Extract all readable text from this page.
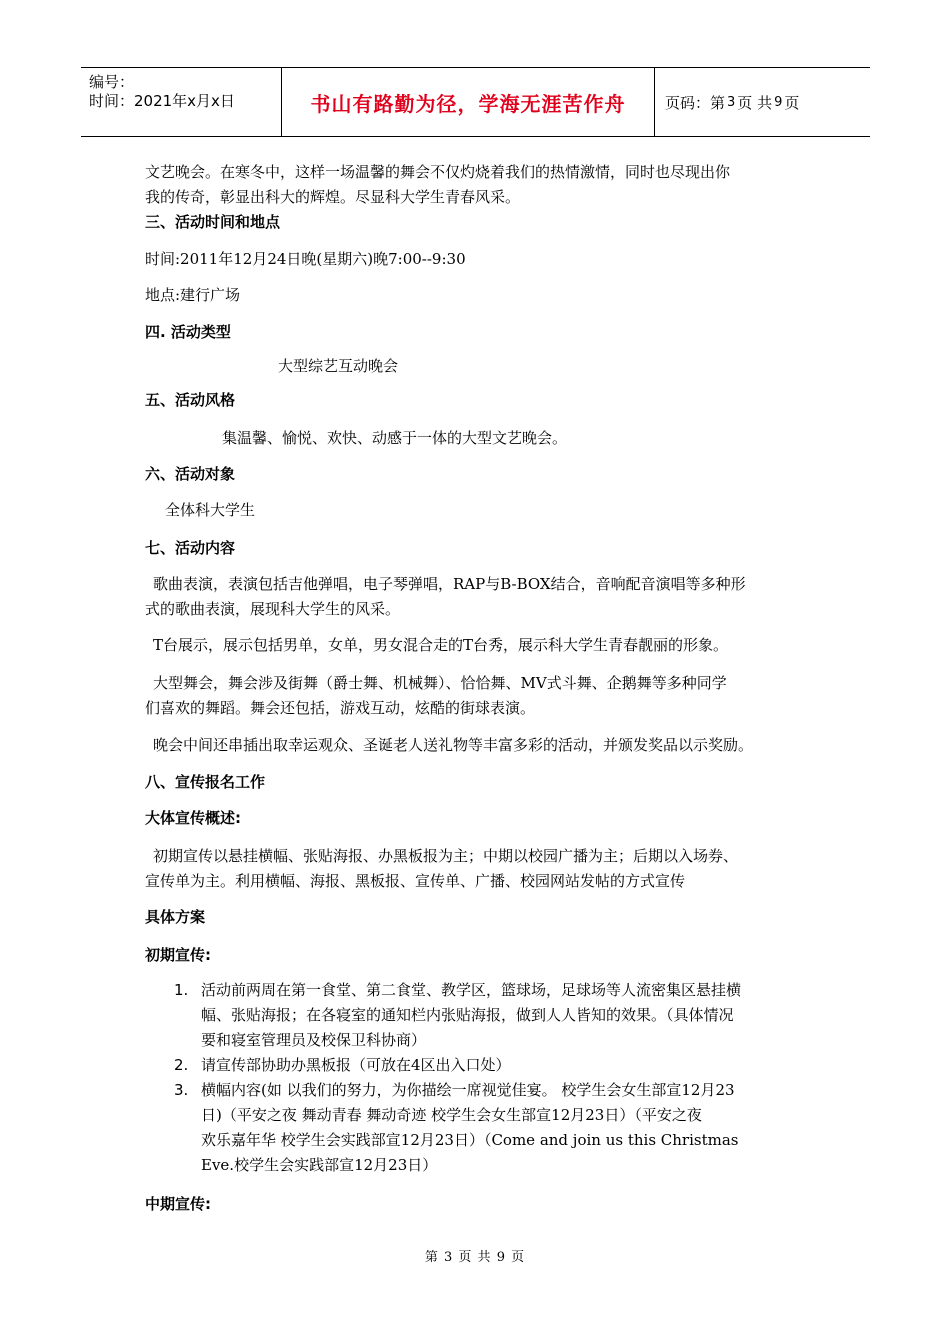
编号：
时间：2021年x月x日	书山有路勤为径，学海无涯苦作舟	页码：第 3 页 共 9 页
文艺晚会。在寒冬中，这样一场温馨的舞会不仅灼烧着我们的热情激情，同时也尽现出你
我的传奇，彰显出科大的辉煌。尽显科大学生青春风采。
三、活动时间和地点
时间:2011年12月24日晚(星期六)晚7:00--9:30
地点:建行广场
四. 活动类型
大型综艺互动晚会
五、活动风格
集温馨、愉悦、欢快、动感于一体的大型文艺晚会。
六、活动对象
全体科大学生
七、活动内容
歌曲表演，表演包括吉他弹唱，电子琴弹唱，RAP与B-BOX结合，音响配音演唱等多种形
式的歌曲表演，展现科大学生的风采。
T台展示，展示包括男单，女单，男女混合走的T台秀，展示科大学生青春靓丽的形象。
大型舞会，舞会涉及街舞（爵士舞、机械舞）、恰恰舞、MV式斗舞、企鹅舞等多种同学
们喜欢的舞蹈。舞会还包括，游戏互动，炫酷的街球表演。
晚会中间还串插出取幸运观众、圣诞老人送礼物等丰富多彩的活动，并颁发奖品以示奖励。
八、宣传报名工作
大体宣传概述:
初期宣传以悬挂横幅、张贴海报、办黑板报为主；中期以校园广播为主；后期以入场券、
宣传单为主。利用横幅、海报、黑板报、宣传单、广播、校园网站发帖的方式宣传
具体方案
初期宣传:
1. 活动前两周在第一食堂、第二食堂、教学区，篮球场，足球场等人流密集区悬挂横
幅、张贴海报；在各寝室的通知栏内张贴海报，做到人人皆知的效果。（具体情况
要和寝室管理员及校保卫科协商）
2. 请宣传部协助办黑板报（可放在4区出入口处）
3. 横幅内容(如 以我们的努力，为你描绘一席视觉佳宴。 校学生会女生部宣12月23
日)（平安之夜 舞动青春 舞动奇迹 校学生会女生部宣12月23日）（平安之夜
欢乐嘉年华 校学生会实践部宣12月23日）（Come and join us this Christmas
Eve.校学生会实践部宣12月23日）
中期宣传:
第 3 页 共 9 页
